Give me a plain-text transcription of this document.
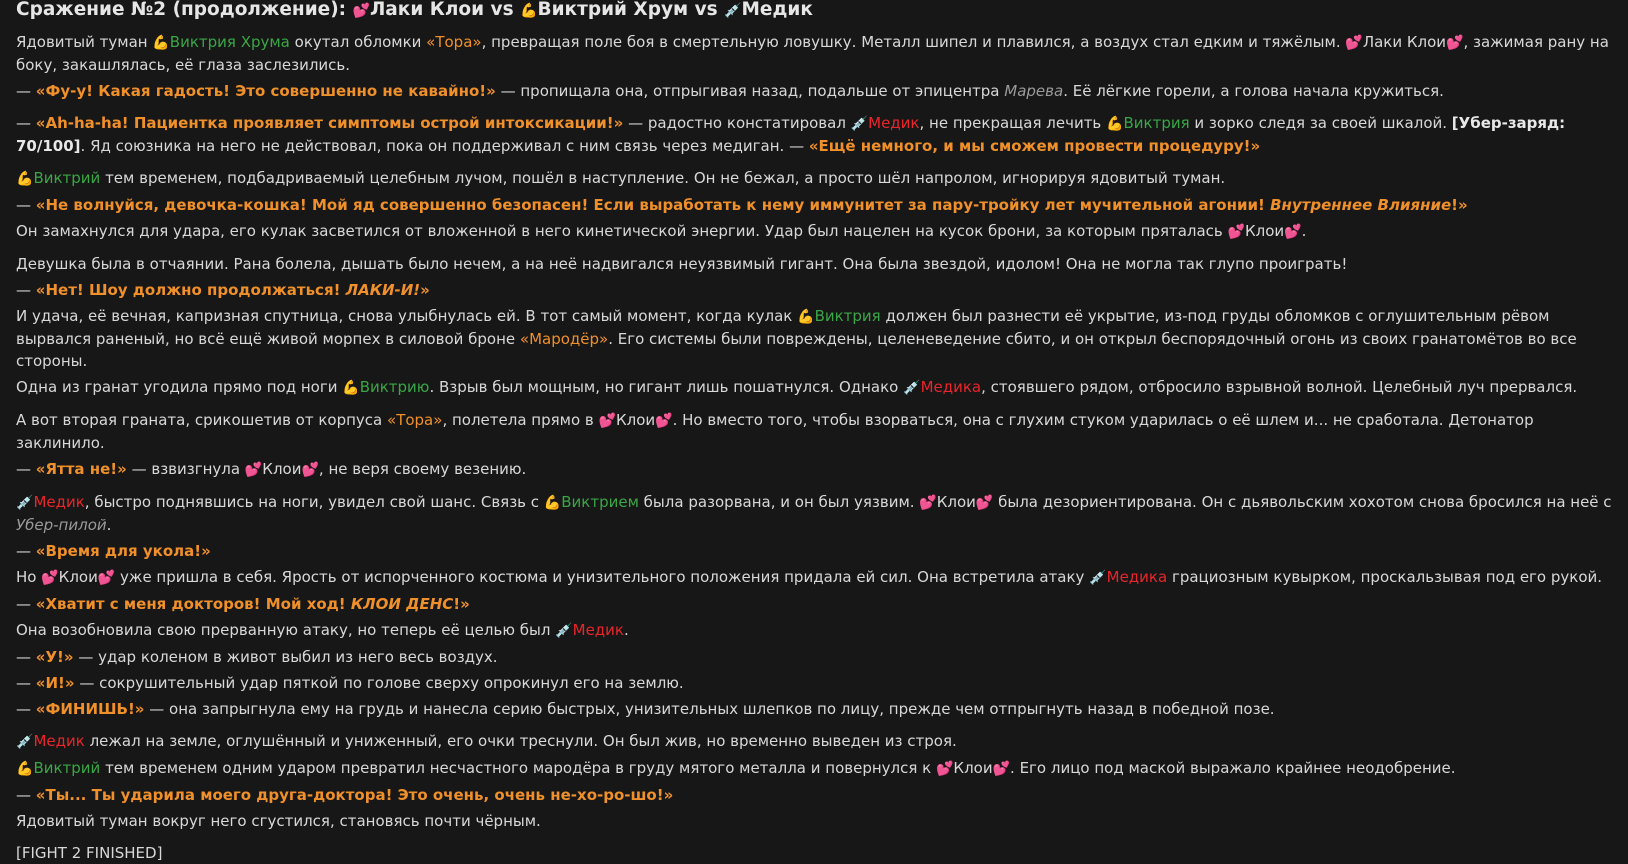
Сражение №2 (продолжение): 💕Лаки Клои vs 💪Виктрий Хрум vs 💉Медик

Ядовитый туман 💪Виктрия Хрума окутал обломки «Тора», превращая поле боя в смертельную ловушку. Металл шипел и плавился, а воздух стал едким и тяжёлым. 💕Лаки Клои💕, зажимая рану на боку, закашлялась, её глаза заслезились.

— «Фу-у! Какая гадость! Это совершенно не кавайно!» — пропищала она, отпрыгивая назад, подальше от эпицентра Марева. Её лёгкие горели, а голова начала кружиться.

— «Ah-ha-ha! Пациентка проявляет симптомы острой интоксикации!» — радостно констатировал 💉Медик, не прекращая лечить 💪Виктрия и зорко следя за своей шкалой. [Убер-заряд: 70/100]. Яд союзника на него не действовал, пока он поддерживал с ним связь через медиган. — «Ещё немного, и мы сможем провести процедуру!»

💪Виктрий тем временем, подбадриваемый целебным лучом, пошёл в наступление. Он не бежал, а просто шёл напролом, игнорируя ядовитый туман.

— «Не волнуйся, девочка-кошка! Мой яд совершенно безопасен! Если выработать к нему иммунитет за пару-тройку лет мучительной агонии! Внутреннее Влияние!»

Он замахнулся для удара, его кулак засветился от вложенной в него кинетической энергии. Удар был нацелен на кусок брони, за которым пряталась 💕Клои💕.

Девушка была в отчаянии. Рана болела, дышать было нечем, а на неё надвигался неуязвимый гигант. Она была звездой, идолом! Она не могла так глупо проиграть!

— «Нет! Шоу должно продолжаться! ЛАКИ-И!»

И удача, её вечная, капризная спутница, снова улыбнулась ей. В тот самый момент, когда кулак 💪Виктрия должен был разнести её укрытие, из-под груды обломков с оглушительным рёвом вырвался раненый, но всё ещё живой морпех в силовой броне «Мародёр». Его системы были повреждены, целеневедение сбито, и он открыл беспорядочный огонь из своих гранатомётов во все стороны.

Одна из гранат угодила прямо под ноги 💪Виктрию. Взрыв был мощным, но гигант лишь пошатнулся. Однако 💉Медика, стоявшего рядом, отбросило взрывной волной. Целебный луч прервался.

А вот вторая граната, срикошетив от корпуса «Тора», полетела прямо в 💕Клои💕. Но вместо того, чтобы взорваться, она с глухим стуком ударилась о её шлем и... не сработала. Детонатор заклинило.

— «Ятта не!» — взвизгнула 💕Клои💕, не веря своему везению.

💉Медик, быстро поднявшись на ноги, увидел свой шанс. Связь с 💪Виктрием была разорвана, и он был уязвим. 💕Клои💕 была дезориентирована. Он с дьявольским хохотом снова бросился на неё с Убер-пилой.

— «Время для укола!»

Но 💕Клои💕 уже пришла в себя. Ярость от испорченного костюма и унизительного положения придала ей сил. Она встретила атаку 💉Медика грациозным кувырком, проскальзывая под его рукой.

— «Хватит с меня докторов! Мой ход! КЛОИ ДЕНС!»

Она возобновила свою прерванную атаку, но теперь её целью был 💉Медик.

— «У!» — удар коленом в живот выбил из него весь воздух.

— «И!» — сокрушительный удар пяткой по голове сверху опрокинул его на землю.

— «ФИНИШЬ!» — она запрыгнула ему на грудь и нанесла серию быстрых, унизительных шлепков по лицу, прежде чем отпрыгнуть назад в победной позе.

💉Медик лежал на земле, оглушённый и униженный, его очки треснули. Он был жив, но временно выведен из строя.

💪Виктрий тем временем одним ударом превратил несчастного мародёра в груду мятого металла и повернулся к 💕Клои💕. Его лицо под маской выражало крайнее неодобрение.

— «Ты... Ты ударила моего друга-доктора! Это очень, очень не-хо-ро-шо!»

Ядовитый туман вокруг него сгустился, становясь почти чёрным.

[FIGHT 2 FINISHED]
